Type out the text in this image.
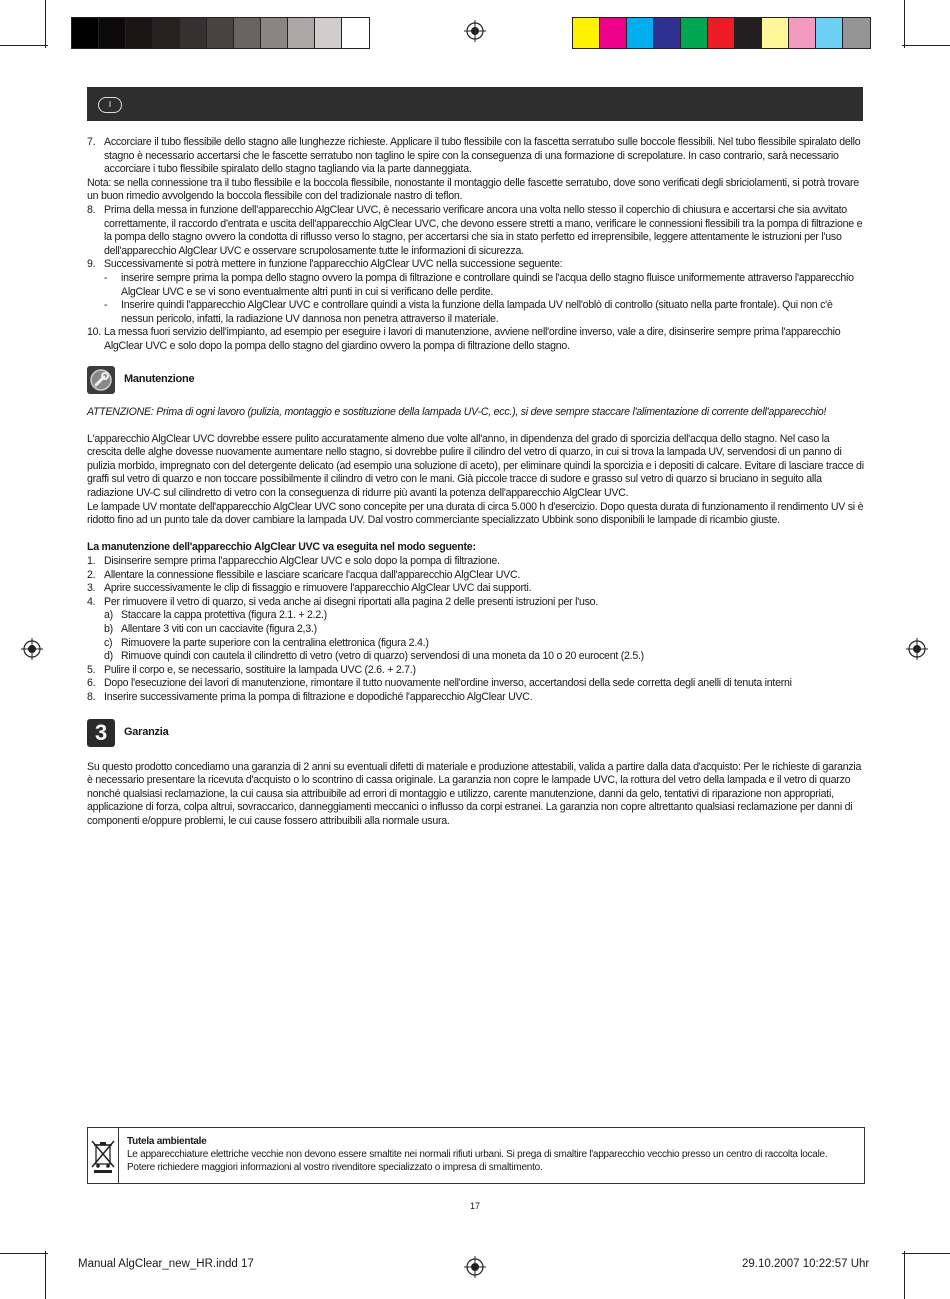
I
7. Accorciare il tubo flessibile dello stagno alle lunghezze richieste. Applicare il tubo flessibile con la fascetta serratubo sulle boccole flessibili. Nel tubo flessibile spiralato dello stagno è necessario accertarsi che le fascette serratubo non taglino le spire con la conseguenza di una formazione di screpolature. In caso contrario, sarà necessario accorciare i tubo flessibile spiralato dello stagno tagliando via la parte danneggiata.

Nota: se nella connessione tra il tubo flessibile e la boccola flessibile, nonostante il montaggio delle fascette serratubo, dove sono verificati degli sbriciolamenti, si potrà trovare un buon rimedio avvolgendo la boccola flessibile con del tradizionale nastro di teflon.

8. Prima della messa in funzione dell'apparecchio AlgClear UVC, è necessario verificare ancora una volta nello stesso il coperchio di chiusura e accertarsi che sia avvitato correttamente, il raccordo d'entrata e uscita dell'apparecchio AlgClear UVC, che devono essere stretti a mano, verificare le connessioni flessibili tra la pompa di filtrazione e la pompa dello stagno ovvero la condotta di riflusso verso lo stagno, per accertarsi che sia in stato perfetto ed irreprensibile, leggere attentamente le istruzioni per l'uso dell'apparecchio AlgClear UVC e osservare scrupolosamente tutte le informazioni di sicurezza.
9. Successivamente si potrà mettere in funzione l'apparecchio AlgClear UVC nella successione seguente:
-	inserire sempre prima la pompa dello stagno ovvero la pompa di filtrazione e controllare quindi se l'acqua dello stagno fluisce uniformemente attraverso l'apparecchio AlgClear UVC e se vi sono eventualmente altri punti in cui si verificano delle perdite.
-	Inserire quindi l'apparecchio AlgClear UVC e controllare quindi a vista la funzione della lampada UV nell'oblò di controllo (situato nella parte frontale). Qui non c'è nessun pericolo, infatti, la radiazione UV dannosa non penetra attraverso il materiale.
10. La messa fuori servizio dell'impianto, ad esempio per eseguire i lavori di manutenzione, avviene nell'ordine inverso, vale a dire, disinserire sempre prima l'apparecchio AlgClear UVC e solo dopo la pompa dello stagno del giardino ovvero la pompa di filtrazione dello stagno.
Manutenzione

ATTENZIONE: Prima di ogni lavoro (pulizia, montaggio e sostituzione della lampada UV-C, ecc.), si deve sempre staccare l'alimentazione di corrente dell'apparecchio!

L'apparecchio AlgClear UVC dovrebbe essere pulito accuratamente almeno due volte all'anno, in dipendenza del grado di sporcizia dell'acqua dello stagno. Nel caso la crescita delle alghe dovesse nuovamente aumentare nello stagno, si dovrebbe pulire il cilindro del vetro di quarzo, in cui si trova la lampada UV, servendosi di un panno di pulizia morbido, impregnato con del detergente delicato (ad esempio una soluzione di aceto), per eliminare quindi la sporcizia e i depositi di calcare. Evitare di lasciare tracce di graffi sul vetro di quarzo e non toccare possibilmente il cilindro di vetro con le mani. Già piccole tracce di sudore e grasso sul vetro di quarzo si bruciano in seguito alla radiazione UV-C sul cilindretto di vetro con la conseguenza di ridurre più avanti la potenza dell'apparecchio AlgClear UVC.

Le lampade UV montate dell'apparecchio AlgClear UVC sono concepite per una durata di circa 5.000 h d'esercizio. Dopo questa durata di funzionamento il rendimento UV si è ridotto fino ad un punto tale da dover cambiare la lampada UV. Dal vostro commerciante specializzato Ubbink sono disponibili le lampade di ricambio giuste.

La manutenzione dell'apparecchio AlgClear UVC va eseguita nel modo seguente:

1. Disinserire sempre prima l'apparecchio AlgClear UVC e solo dopo la pompa di filtrazione.
2. Allentare la connessione flessibile e lasciare scaricare l'acqua dall'apparecchio AlgClear UVC.
3. Aprire successivamente le clip di fissaggio e rimuovere l'apparecchio AlgClear UVC dai supporti.
4. Per rimuovere il vetro di quarzo, si veda anche ai disegni riportati alla pagina 2 delle presenti istruzioni per l'uso.
a) Staccare la cappa protettiva (figura 2.1. + 2.2.)
b) Allentare 3 viti con un cacciavite (figura 2,3.)
c) Rimuovere la parte superiore con la centralina elettronica (figura 2.4.)
d) Rimuove quindi con cautela il cilindretto di vetro (vetro di quarzo) servendosi di una moneta da 10 o 20 eurocent (2.5.)
5. Pulire il corpo e, se necessario, sostituire la lampada UVC (2.6. + 2.7.)
6. Dopo l'esecuzione dei lavori di manutenzione, rimontare il tutto nuovamente nell'ordine inverso, accertandosi della sede corretta degli anelli di tenuta interni
8. Inserire successivamente prima la pompa di filtrazione e dopodiché l'apparecchio AlgClear UVC.
3	Garanzia

Su questo prodotto concediamo una garanzia di 2 anni su eventuali difetti di materiale e produzione attestabili, valida a partire dalla data d'acquisto: Per le richieste di garanzia è necessario presentare la ricevuta d'acquisto o lo scontrino di cassa originale. La garanzia non copre le lampade UVC, la rottura del vetro della lampada e il vetro di quarzo nonché qualsiasi reclamazione, la cui causa sia attribuibile ad errori di montaggio e utilizzo, carente manutenzione, danni da gelo, tentativi di riparazione non appropriati, applicazione di forza, colpa altrui, sovraccarico, danneggiamenti meccanici o influsso da corpi estranei. La garanzia non copre altrettanto qualsiasi reclamazione per danni di componenti e/oppure problemi, le cui cause fossero attribuibili alla normale usura.

Tutela ambientale
Le apparecchiature elettriche vecchie non devono essere smaltite nei normali rifiuti urbani. Si prega di smaltire l'apparecchio vecchio presso un centro di raccolta locale. Potere richiedere maggiori informazioni al vostro rivenditore specializzato o impresa di smaltimento.
17
Manual AlgClear_new_HR.indd 17	29.10.2007 10:22:57 Uhr
